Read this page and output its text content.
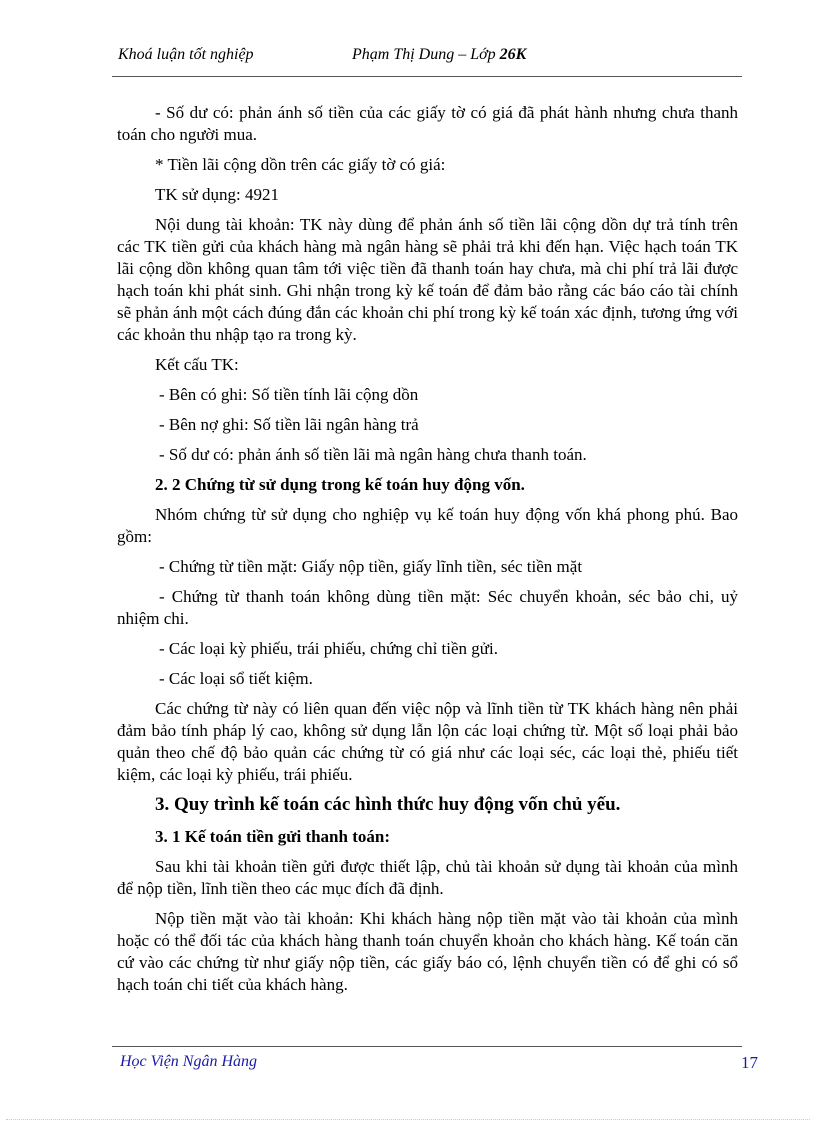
Khoá luận tốt nghiệp	Phạm Thị Dung – Lớp 26K

- Số dư có: phản ánh số tiền của các giấy tờ có giá đã phát hành nhưng chưa thanh toán cho người mua.

* Tiền lãi cộng dồn trên các giấy tờ có giá:

TK sử dụng: 4921

Nội dung tài khoản: TK này dùng để phản ánh số tiền lãi cộng dồn dự trả tính trên các TK tiền gửi của khách hàng mà ngân hàng sẽ phải trả khi đến hạn. Việc hạch toán TK lãi cộng dồn không quan tâm tới việc tiền đã thanh toán hay chưa, mà chi phí trả lãi được hạch toán khi phát sinh. Ghi nhận trong kỳ kế toán để đảm bảo rằng các báo cáo tài chính sẽ phản ánh một cách đúng đắn các khoản chi phí trong kỳ kế toán xác định, tương ứng với các khoản thu nhập tạo ra trong kỳ.

Kết cấu TK:

- Bên có ghi: Số tiền tính lãi cộng dồn

- Bên nợ ghi: Số tiền lãi ngân hàng trả

- Số dư có: phản ánh số tiền lãi mà ngân hàng chưa thanh toán.

2. 2 Chứng từ sử dụng trong kế toán huy động vốn.

Nhóm chứng từ sử dụng cho nghiệp vụ kế toán huy động vốn khá phong phú. Bao gồm:

- Chứng từ tiền mặt: Giấy nộp tiền, giấy lĩnh tiền, séc tiền mặt

- Chứng từ thanh toán không dùng tiền mặt: Séc chuyển khoản, séc bảo chi, uỷ nhiệm chi.

- Các loại kỳ phiếu, trái phiếu, chứng chỉ tiền gửi.

- Các loại sổ tiết kiệm.

Các chứng từ này có liên quan đến việc nộp và lĩnh tiền từ TK khách hàng nên phải đảm bảo tính pháp lý cao, không sử dụng lẫn lộn các loại chứng từ. Một số loại phải bảo quản theo chế độ bảo quản các chứng từ có giá như các loại séc, các loại thẻ, phiếu tiết kiệm, các loại kỳ phiếu, trái phiếu.

3. Quy trình kế toán các hình thức huy động vốn chủ yếu.
3. 1 Kế toán tiền gửi thanh toán:

Sau khi tài khoản tiền gửi được thiết lập, chủ tài khoản sử dụng tài khoản của mình để nộp tiền, lĩnh tiền theo các mục đích đã định.

Nộp tiền mặt vào tài khoản: Khi khách hàng nộp tiền mặt vào tài khoản của mình hoặc có thể đối tác của khách hàng thanh toán chuyển khoản cho khách hàng. Kế toán căn cứ vào các chứng từ như giấy nộp tiền, các giấy báo có, lệnh chuyển tiền có để ghi có sổ hạch toán chi tiết của khách hàng.

Học Viện Ngân Hàng	17
